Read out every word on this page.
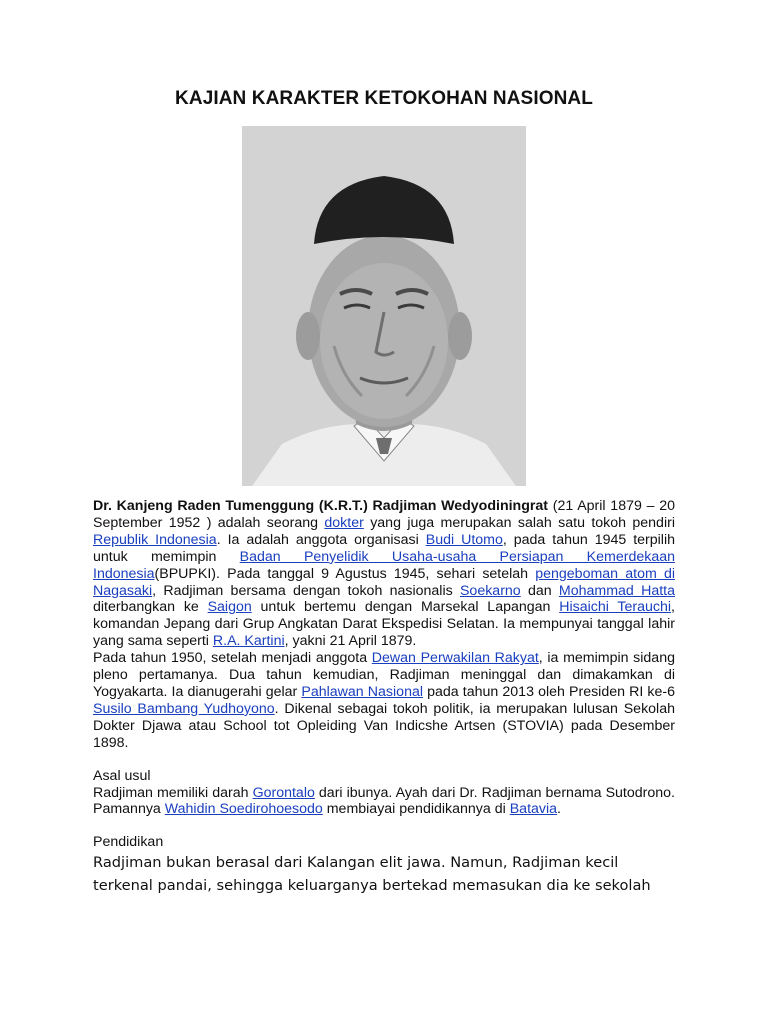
KAJIAN KARAKTER KETOKOHAN NASIONAL

Dr. Kanjeng Raden Tumenggung (K.R.T.) Radjiman Wedyodiningrat (21 April 1879 – 20 September 1952 ) adalah seorang dokter yang juga merupakan salah satu tokoh pendiri Republik Indonesia. Ia adalah anggota organisasi Budi Utomo, pada tahun 1945 terpilih untuk memimpin Badan Penyelidik Usaha-usaha Persiapan Kemerdekaan Indonesia(BPUPKI). Pada tanggal 9 Agustus 1945, sehari setelah pengeboman atom di Nagasaki, Radjiman bersama dengan tokoh nasionalis Soekarno dan Mohammad Hatta diterbangkan ke Saigon untuk bertemu dengan Marsekal Lapangan Hisaichi Terauchi, komandan Jepang dari Grup Angkatan Darat Ekspedisi Selatan. Ia mempunyai tanggal lahir yang sama seperti R.A. Kartini, yakni 21 April 1879.

Pada tahun 1950, setelah menjadi anggota Dewan Perwakilan Rakyat, ia memimpin sidang pleno pertamanya. Dua tahun kemudian, Radjiman meninggal dan dimakamkan di Yogyakarta. Ia dianugerahi gelar Pahlawan Nasional pada tahun 2013 oleh Presiden RI ke-6 Susilo Bambang Yudhoyono. Dikenal sebagai tokoh politik, ia merupakan lulusan Sekolah Dokter Djawa atau School tot Opleiding Van Indicshe Artsen (STOVIA) pada Desember 1898.

Asal usul

Radjiman memiliki darah Gorontalo dari ibunya. Ayah dari Dr. Radjiman bernama Sutodrono. Pamannya Wahidin Soedirohoesodo membiayai pendidikannya di Batavia.

Pendidikan

Radjiman bukan berasal dari Kalangan elit jawa. Namun, Radjiman kecil terkenal pandai, sehingga keluarganya bertekad memasukan dia ke sekolah
